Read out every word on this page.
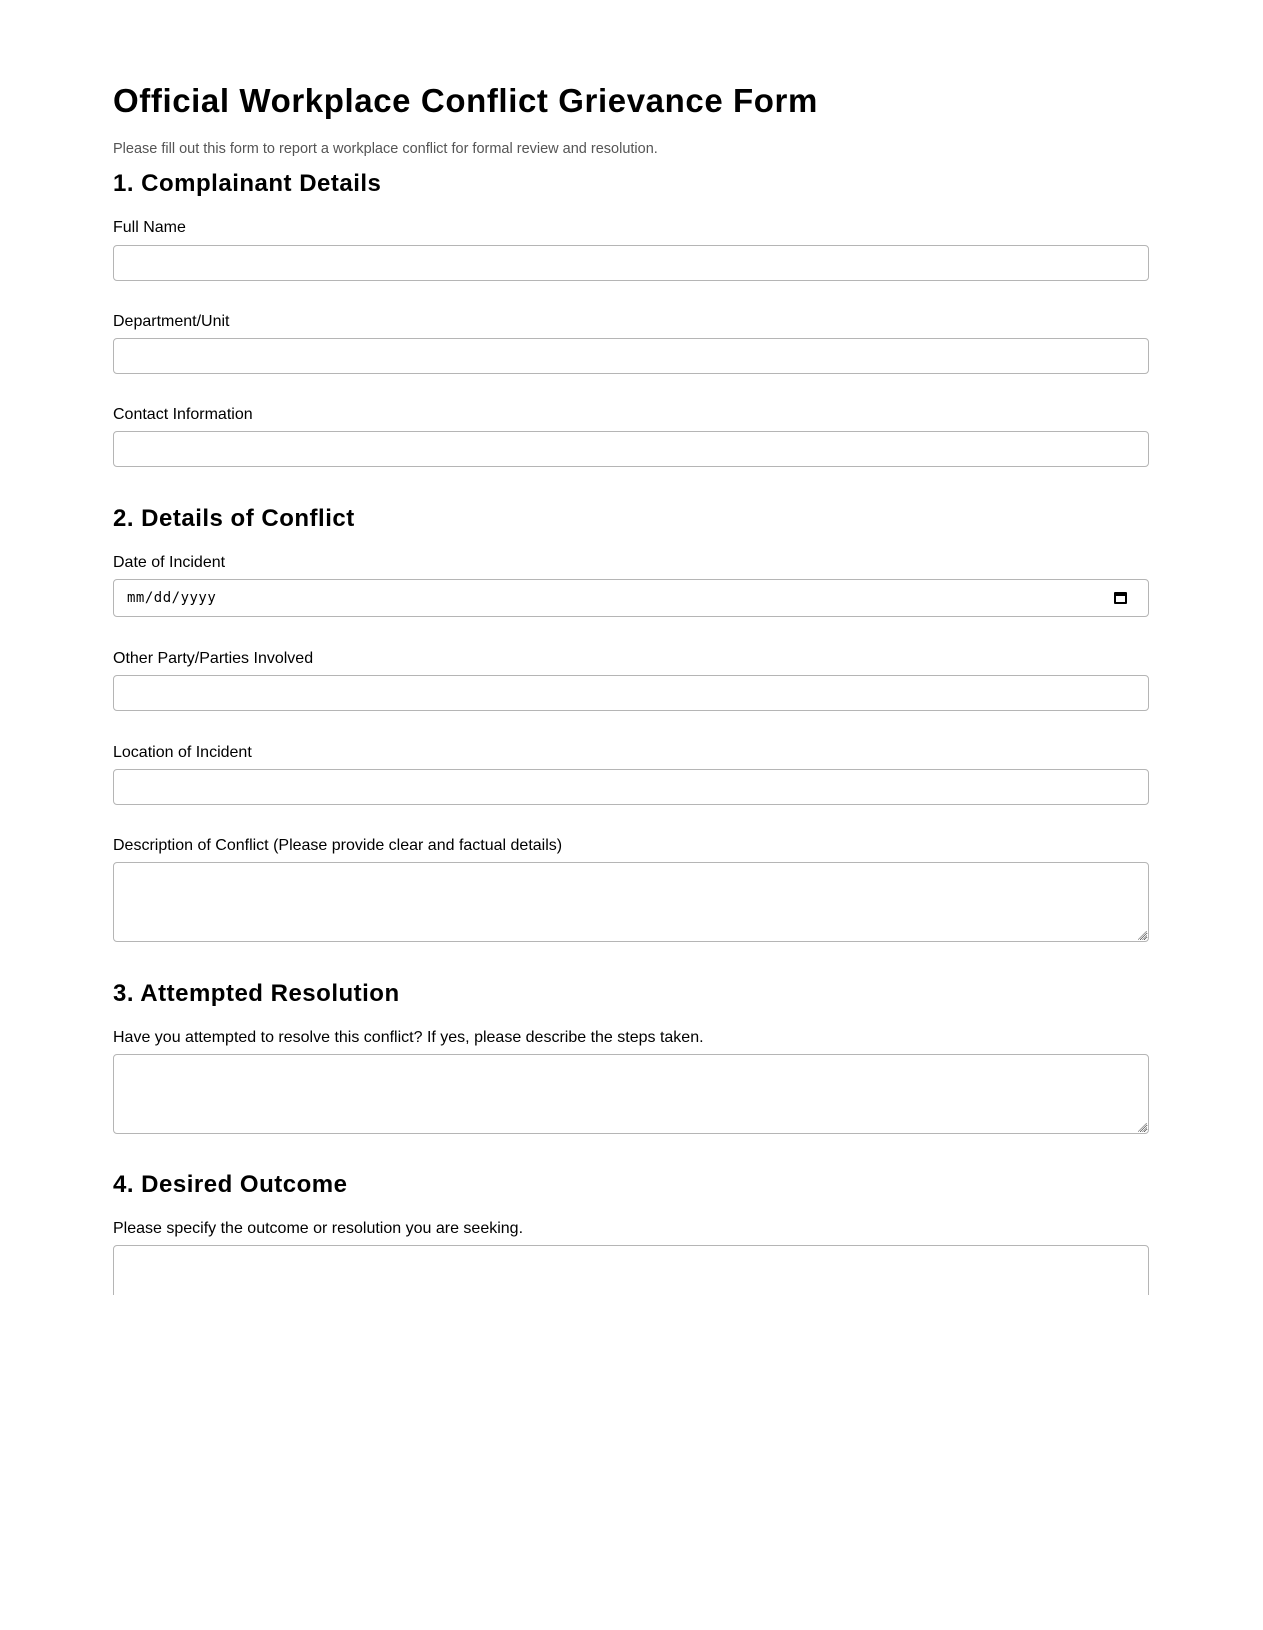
Official Workplace Conflict Grievance Form

Please fill out this form to report a workplace conflict for formal review and resolution.

1. Complainant Details
Full Name
Department/Unit
Contact Information
2. Details of Conflict
Date of Incident
mm/dd/yyyy
Other Party/Parties Involved
Location of Incident
Description of Conflict (Please provide clear and factual details)
3. Attempted Resolution
Have you attempted to resolve this conflict? If yes, please describe the steps taken.
4. Desired Outcome
Please specify the outcome or resolution you are seeking.
